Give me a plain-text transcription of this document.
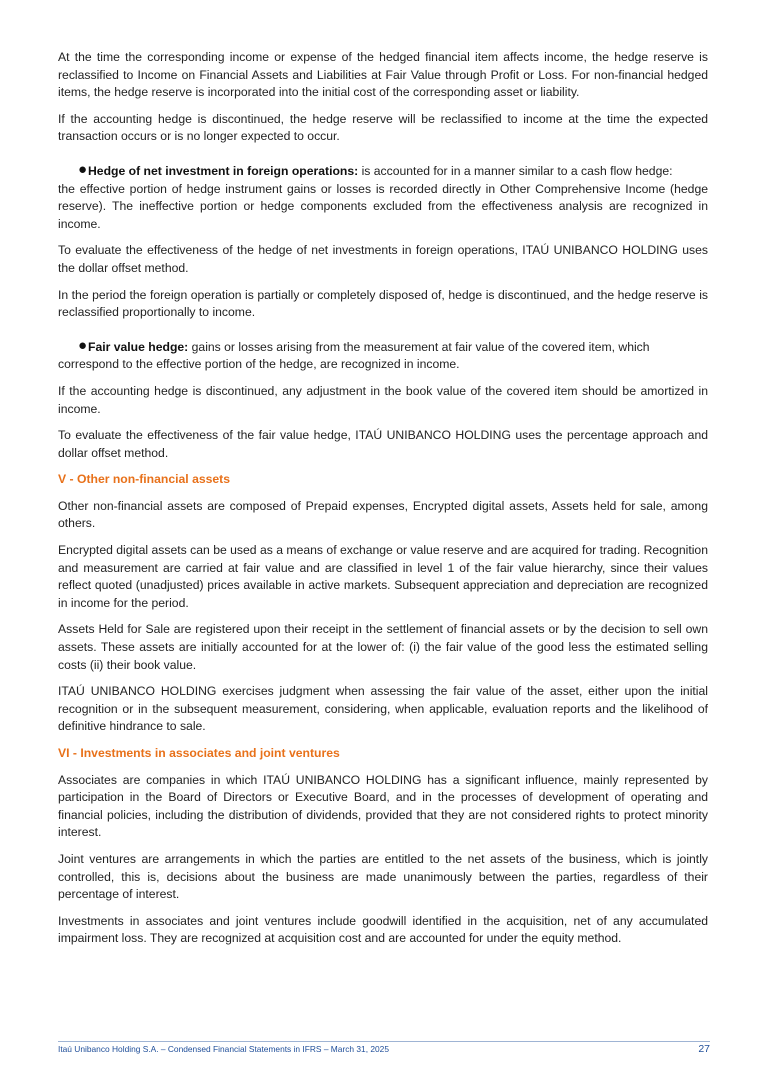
At the time the corresponding income or expense of the hedged financial item affects income, the hedge reserve is reclassified to Income on Financial Assets and Liabilities at Fair Value through Profit or Loss. For non-financial hedged items, the hedge reserve is incorporated into the initial cost of the corresponding asset or liability.

If the accounting hedge is discontinued, the hedge reserve will be reclassified to income at the time the expected transaction occurs or is no longer expected to occur.

● Hedge of net investment in foreign operations: is accounted for in a manner similar to a cash flow hedge:

the effective portion of hedge instrument gains or losses is recorded directly in Other Comprehensive Income (hedge reserve). The ineffective portion or hedge components excluded from the effectiveness analysis are recognized in income.

To evaluate the effectiveness of the hedge of net investments in foreign operations, ITAÚ UNIBANCO HOLDING uses the dollar offset method.

In the period the foreign operation is partially or completely disposed of, hedge is discontinued, and the hedge reserve is reclassified proportionally to income.

● Fair value hedge: gains or losses arising from the measurement at fair value of the covered item, which

correspond to the effective portion of the hedge, are recognized in income.

If the accounting hedge is discontinued, any adjustment in the book value of the covered item should be amortized in income.

To evaluate the effectiveness of the fair value hedge, ITAÚ UNIBANCO HOLDING uses the percentage approach and dollar offset method.

V - Other non-financial assets

Other non-financial assets are composed of Prepaid expenses, Encrypted digital assets, Assets held for sale, among others.

Encrypted digital assets can be used as a means of exchange or value reserve and are acquired for trading. Recognition and measurement are carried at fair value and are classified in level 1 of the fair value hierarchy, since their values reflect quoted (unadjusted) prices available in active markets. Subsequent appreciation and depreciation are recognized in income for the period.

Assets Held for Sale are registered upon their receipt in the settlement of financial assets or by the decision to sell own assets. These assets are initially accounted for at the lower of: (i) the fair value of the good less the estimated selling costs (ii) their book value.

ITAÚ UNIBANCO HOLDING exercises judgment when assessing the fair value of the asset, either upon the initial recognition or in the subsequent measurement, considering, when applicable, evaluation reports and the likelihood of definitive hindrance to sale.

VI - Investments in associates and joint ventures

Associates are companies in which ITAÚ UNIBANCO HOLDING has a significant influence, mainly represented by participation in the Board of Directors or Executive Board, and in the processes of development of operating and financial policies, including the distribution of dividends, provided that they are not considered rights to protect minority interest.

Joint ventures are arrangements in which the parties are entitled to the net assets of the business, which is jointly controlled, this is, decisions about the business are made unanimously between the parties, regardless of their percentage of interest.

Investments in associates and joint ventures include goodwill identified in the acquisition, net of any accumulated impairment loss. They are recognized at acquisition cost and are accounted for under the equity method.

Itaú Unibanco Holding S.A. – Condensed Financial Statements in IFRS – March 31, 2025	27
